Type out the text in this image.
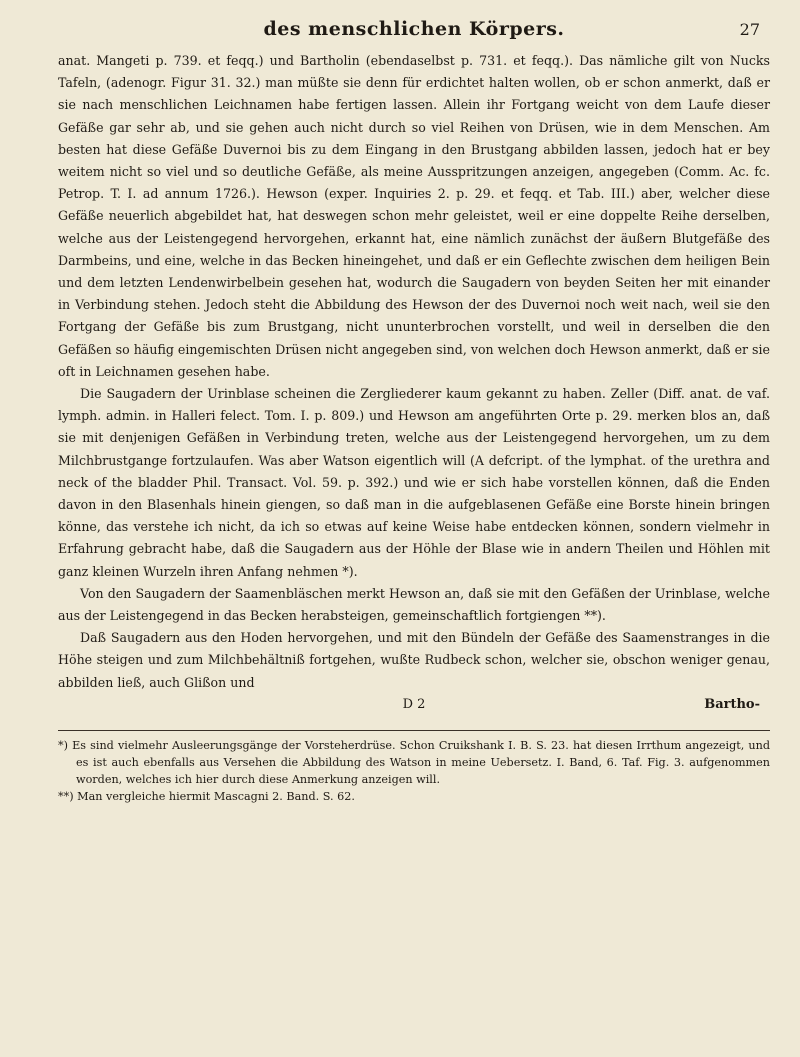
des menschlichen Körpers.	27

anat. Mangeti p. 739. et feqq.) und Bartholin (ebendaselbst p. 731. et feqq.). Das nämliche gilt von Nucks Tafeln, (adenogr. Figur 31. 32.) man müßte sie denn für erdichtet halten wollen, ob er schon anmerkt, daß er sie nach menschlichen Leichnamen habe fertigen lassen. Allein ihr Fortgang weicht von dem Laufe dieser Gefäße gar sehr ab, und sie gehen auch nicht durch so viel Reihen von Drüsen, wie in dem Menschen. Am besten hat diese Gefäße Duvernoi bis zu dem Eingang in den Brustgang abbilden lassen, jedoch hat er bey weitem nicht so viel und so deutliche Gefäße, als meine Ausspritzungen anzeigen, angegeben (Comm. Ac. fc. Petrop. T. I. ad annum 1726.). Hewson (exper. Inquiries 2. p. 29. et feqq. et Tab. III.) aber, welcher diese Gefäße neuerlich abgebildet hat, hat deswegen schon mehr geleistet, weil er eine doppelte Reihe derselben, welche aus der Leistengegend hervorgehen, erkannt hat, eine nämlich zunächst der äußern Blutgefäße des Darmbeins, und eine, welche in das Becken hineingehet, und daß er ein Geflechte zwischen dem heiligen Bein und dem letzten Lendenwirbelbein gesehen hat, wodurch die Saugadern von beyden Seiten her mit einander in Verbindung stehen. Jedoch steht die Abbildung des Hewson der des Duvernoi noch weit nach, weil sie den Fortgang der Gefäße bis zum Brustgang, nicht ununterbrochen vorstellt, und weil in derselben die den Gefäßen so häufig eingemischten Drüsen nicht angegeben sind, von welchen doch Hewson anmerkt, daß er sie oft in Leichnamen gesehen habe.

Die Saugadern der Urinblase scheinen die Zergliederer kaum gekannt zu haben. Zeller (Diff. anat. de vaf. lymph. admin. in Halleri felect. Tom. I. p. 809.) und Hewson am angeführten Orte p. 29. merken blos an, daß sie mit denjenigen Gefäßen in Verbindung treten, welche aus der Leistengegend hervorgehen, um zu dem Milchbrustgange fortzulaufen. Was aber Watson eigentlich will (A defcript. of the lymphat. of the urethra and neck of the bladder Phil. Transact. Vol. 59. p. 392.) und wie er sich habe vorstellen können, daß die Enden davon in den Blasenhals hinein giengen, so daß man in die aufgeblasenen Gefäße eine Borste hinein bringen könne, das verstehe ich nicht, da ich so etwas auf keine Weise habe entdecken können, sondern vielmehr in Erfahrung gebracht habe, daß die Saugadern aus der Höhle der Blase wie in andern Theilen und Höhlen mit ganz kleinen Wurzeln ihren Anfang nehmen *).

Von den Saugadern der Saamenbläschen merkt Hewson an, daß sie mit den Gefäßen der Urinblase, welche aus der Leistengegend in das Becken herabsteigen, gemeinschaftlich fortgiengen **).

Daß Saugadern aus den Hoden hervorgehen, und mit den Bündeln der Gefäße des Saamenstranges in die Höhe steigen und zum Milchbehältniß fortgehen, wußte Rudbeck schon, welcher sie, obschon weniger genau, abbilden ließ, auch Glißon und

D 2	Bartho-

*) Es sind vielmehr Ausleerungsgänge der Vorsteherdrüse. Schon Cruikshank I. B. S. 23. hat diesen Irrthum angezeigt, und es ist auch ebenfalls aus Versehen die Abbildung des Watson in meine Uebersetz. I. Band, 6. Taf. Fig. 3. aufgenommen worden, welches ich hier durch diese Anmerkung anzeigen will.

**) Man vergleiche hiermit Mascagni 2. Band. S. 62.
